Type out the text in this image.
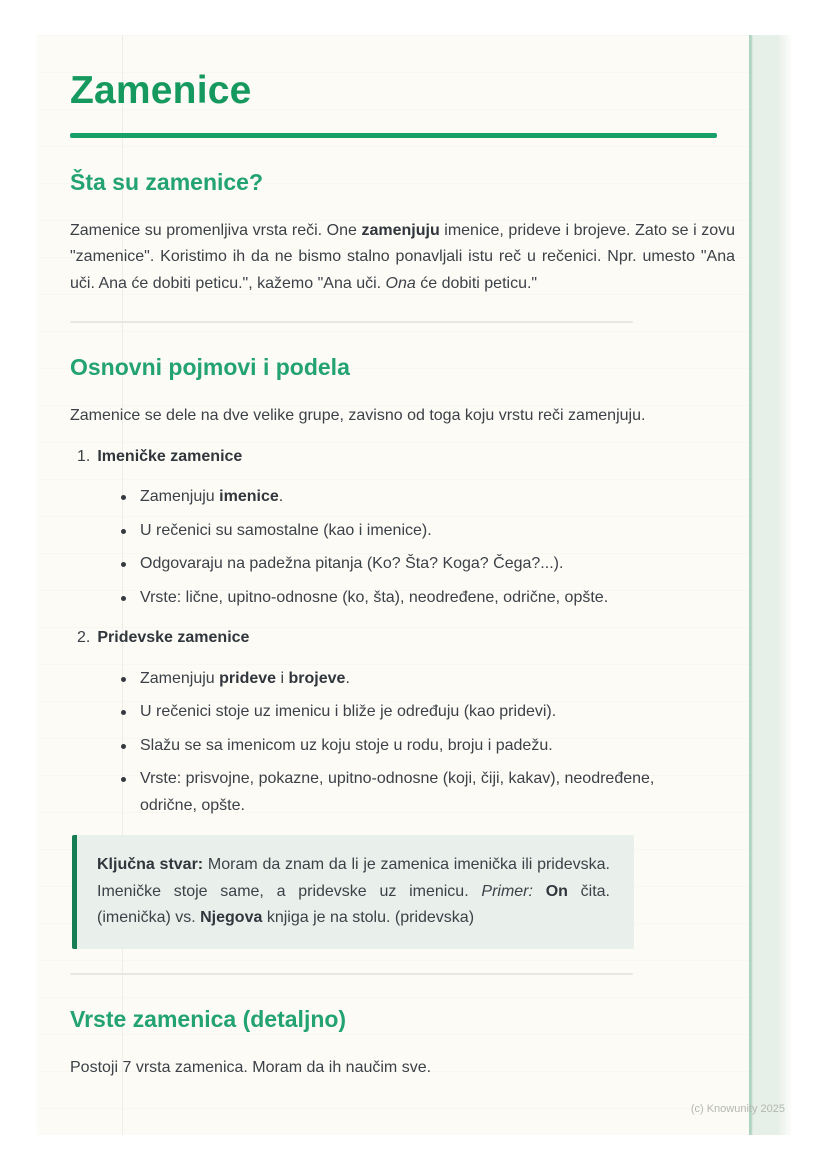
Zamenice
Šta su zamenice?

Zamenice su promenljiva vrsta reči. One zamenjuju imenice, prideve i brojeve. Zato se i zovu "zamenice". Koristimo ih da ne bismo stalno ponavljali istu reč u rečenici. Npr. umesto "Ana uči. Ana će dobiti peticu.", kažemo "Ana uči. Ona će dobiti peticu."

Osnovni pojmovi i podela

Zamenice se dele na dve velike grupe, zavisno od toga koju vrstu reči zamenjuju.

1. Imeničke zamenice
Zamenjuju imenice.
U rečenici su samostalne (kao i imenice).
Odgovaraju na padežna pitanja (Ko? Šta? Koga? Čega?...).
Vrste: lične, upitno-odnosne (ko, šta), neodređene, odrične, opšte.
2. Pridevske zamenice
Zamenjuju prideve i brojeve.
U rečenici stoje uz imenicu i bliže je određuju (kao pridevi).
Slažu se sa imenicom uz koju stoje u rodu, broju i padežu.
Vrste: prisvojne, pokazne, upitno-odnosne (koji, čiji, kakav), neodređene, odrične, opšte.

Ključna stvar: Moram da znam da li je zamenica imenička ili pridevska. Imeničke stoje same, a pridevske uz imenicu. Primer: On čita. (imenička) vs. Njegova knjiga je na stolu. (pridevska)

Vrste zamenica (detaljno)

Postoji 7 vrsta zamenica. Moram da ih naučim sve.

(c) Knowunity 2025
